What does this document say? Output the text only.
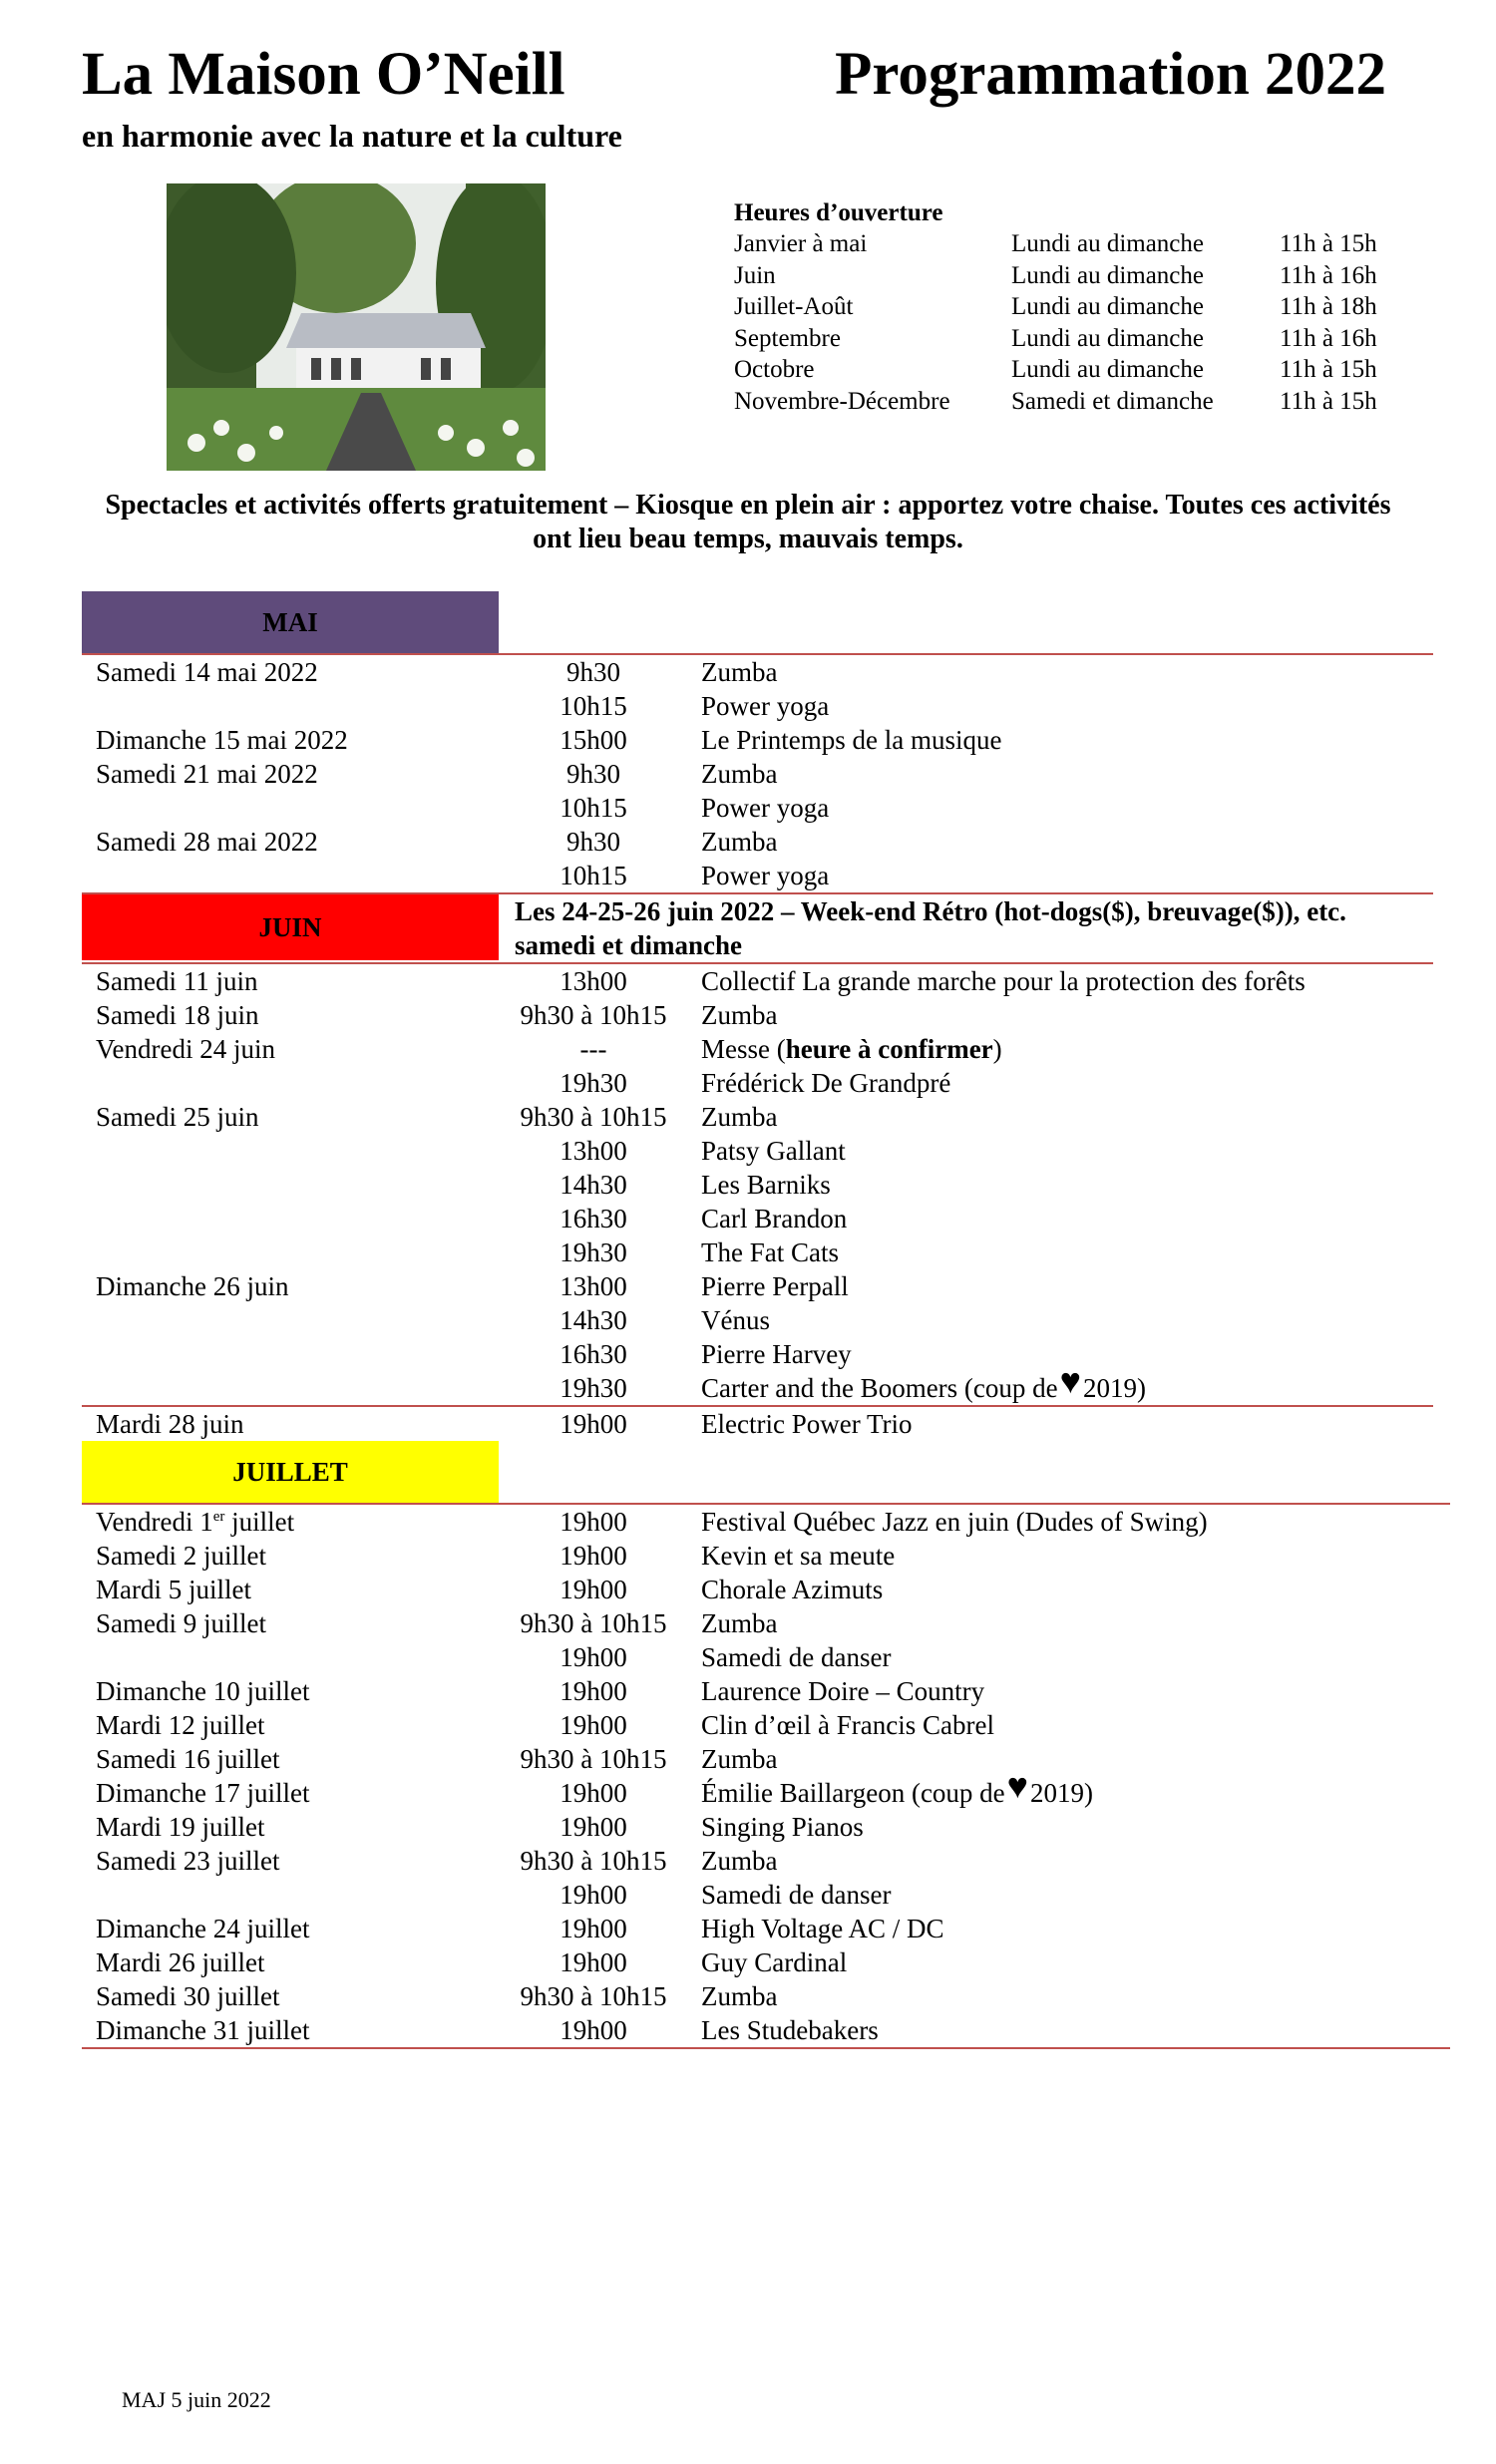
La Maison O’Neill	Programmation 2022
en harmonie avec la nature et la culture
Heures d’ouverture
Janvier à mai	Lundi au dimanche	11h à 15h
Juin	Lundi au dimanche	11h à 16h
Juillet-Août	Lundi au dimanche	11h à 18h
Septembre	Lundi au dimanche	11h à 16h
Octobre	Lundi au dimanche	11h à 15h
Novembre-Décembre Samedi et dimanche	11h à 15h
Spectacles et activités offerts gratuitement – Kiosque en plein air : apportez votre chaise. Toutes ces activités ont lieu beau temps, mauvais temps.
MAI
Samedi 14 mai 2022	9h30	Zumba
10h15	Power yoga
Dimanche 15 mai 2022	15h00	Le Printemps de la musique
Samedi 21 mai 2022	9h30	Zumba
10h15	Power yoga
Samedi 28 mai 2022	9h30	Zumba
10h15	Power yoga
JUIN
Les 24-25-26 juin 2022 – Week-end Rétro (hot-dogs($), breuvage($)), etc. samedi et dimanche
Samedi 11 juin	13h00	Collectif La grande marche pour la protection des forêts
Samedi 18 juin	9h30 à 10h15	Zumba
Vendredi 24 juin	---	Messe (heure à confirmer)
19h30	Frédérick De Grandpré
Samedi 25 juin	9h30 à 10h15	Zumba
13h00	Patsy Gallant
14h30	Les Barniks
16h30	Carl Brandon
19h30	The Fat Cats
Dimanche 26 juin	13h00	Pierre Perpall
14h30	Vénus
16h30	Pierre Harvey
19h30	Carter and the Boomers (coup de♥2019)
Mardi 28 juin	19h00	Electric Power Trio
JUILLET
Vendredi 1er juillet	19h00	Festival Québec Jazz en juin (Dudes of Swing)
Samedi 2 juillet	19h00	Kevin et sa meute
Mardi 5 juillet	19h00	Chorale Azimuts
Samedi 9 juillet	9h30 à 10h15	Zumba
19h00	Samedi de danser
Dimanche 10 juillet	19h00	Laurence Doire – Country
Mardi 12 juillet	19h00	Clin d’œil à Francis Cabrel
Samedi 16 juillet	9h30 à 10h15	Zumba
Dimanche 17 juillet	19h00	Émilie Baillargeon (coup de♥2019)
Mardi 19 juillet	19h00	Singing Pianos
Samedi 23 juillet	9h30 à 10h15	Zumba
19h00	Samedi de danser
Dimanche 24 juillet	19h00	High Voltage AC / DC
Mardi 26 juillet	19h00	Guy Cardinal
Samedi 30 juillet	9h30 à 10h15	Zumba
Dimanche 31 juillet	19h00	Les Studebakers
MAJ 5 juin 2022
